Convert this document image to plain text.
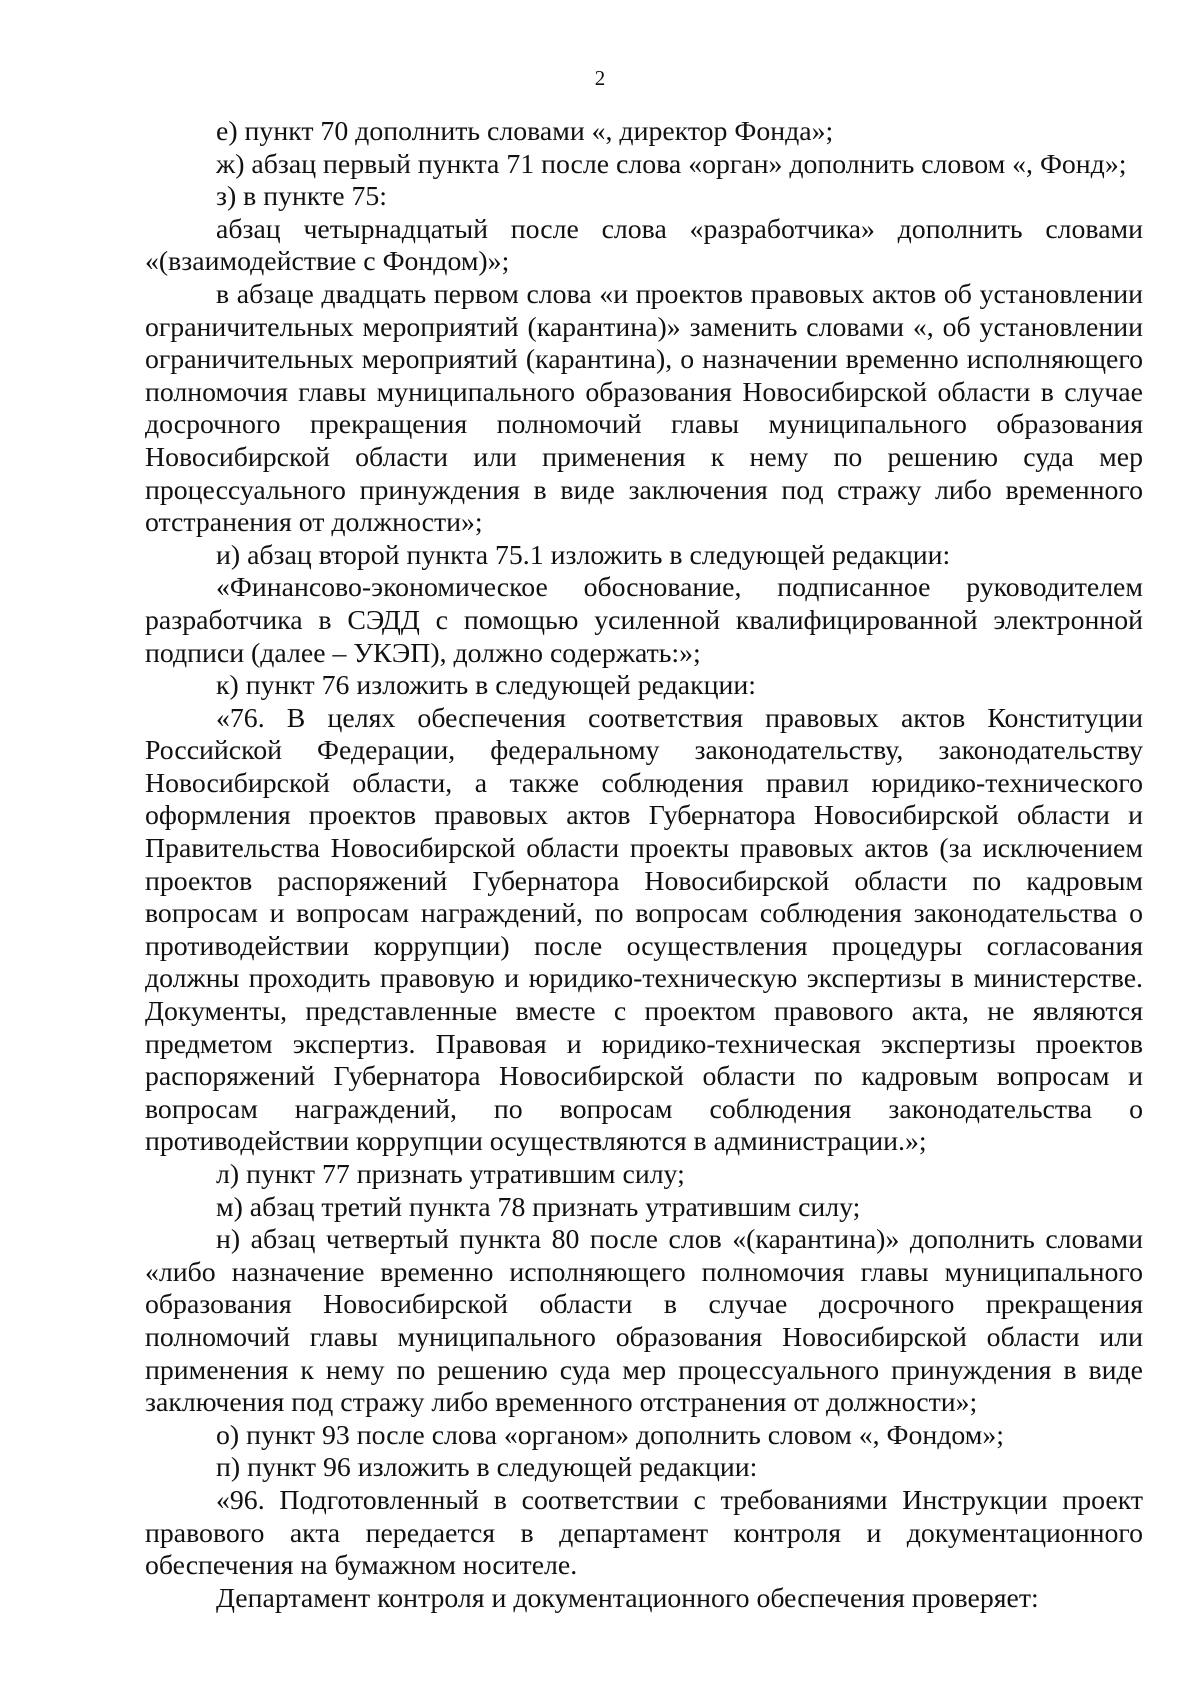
2

е) пункт 70 дополнить словами «, директор Фонда»;

ж) абзац первый пункта 71 после слова «орган» дополнить словом «, Фонд»;

з) в пункте 75:

абзац четырнадцатый после слова «разработчика» дополнить словами «(взаимодействие с Фондом)»;

в абзаце двадцать первом слова «и проектов правовых актов об установлении ограничительных мероприятий (карантина)» заменить словами «, об установлении ограничительных мероприятий (карантина), о назначении временно исполняющего полномочия главы муниципального образования Новосибирской области в случае досрочного прекращения полномочий главы муниципального образования Новосибирской области или применения к нему по решению суда мер процессуального принуждения в виде заключения под стражу либо временного отстранения от должности»;

и) абзац второй пункта 75.1 изложить в следующей редакции:

«Финансово-экономическое обоснование, подписанное руководителем разработчика в СЭДД с помощью усиленной квалифицированной электронной подписи (далее – УКЭП), должно содержать:»;

к) пункт 76 изложить в следующей редакции:

«76. В целях обеспечения соответствия правовых актов Конституции Российской Федерации, федеральному законодательству, законодательству Новосибирской области, а также соблюдения правил юридико-технического оформления проектов правовых актов Губернатора Новосибирской области и Правительства Новосибирской области проекты правовых актов (за исключением проектов распоряжений Губернатора Новосибирской области по кадровым вопросам и вопросам награждений, по вопросам соблюдения законодательства о противодействии коррупции) после осуществления процедуры согласования должны проходить правовую и юридико-техническую экспертизы в министерстве. Документы, представленные вместе с проектом правового акта, не являются предметом экспертиз. Правовая и юридико-техническая экспертизы проектов распоряжений Губернатора Новосибирской области по кадровым вопросам и вопросам награждений, по вопросам соблюдения законодательства о противодействии коррупции осуществляются в администрации.»;

л) пункт 77 признать утратившим силу;

м) абзац третий пункта 78 признать утратившим силу;

н) абзац четвертый пункта 80 после слов «(карантина)» дополнить словами «либо назначение временно исполняющего полномочия главы муниципального образования Новосибирской области в случае досрочного прекращения полномочий главы муниципального образования Новосибирской области или применения к нему по решению суда мер процессуального принуждения в виде заключения под стражу либо временного отстранения от должности»;

о) пункт 93 после слова «органом» дополнить словом «, Фондом»;

п) пункт 96 изложить в следующей редакции:

«96. Подготовленный в соответствии с требованиями Инструкции проект правового акта передается в департамент контроля и документационного обеспечения на бумажном носителе.

Департамент контроля и документационного обеспечения проверяет:
